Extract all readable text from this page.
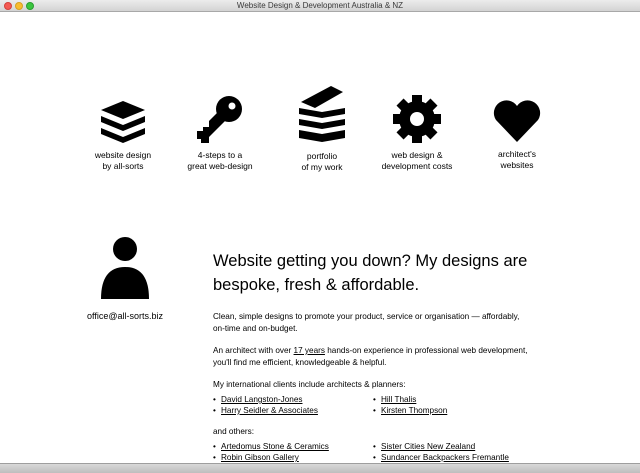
Website Design & Development Australia & NZ
website design
by all-sorts
4-steps to a
great web-design
portfolio
of my work
web design &
development costs
architect's
websites
office@all-sorts.biz
Website getting you down? My designs are
bespoke, fresh & affordable.

Clean, simple designs to promote your product, service or organisation — affordably,
on-time and on-budget.

An architect with over 17 years hands-on experience in professional web development,
you'll find me efficient, knowledgeable & helpful.

My international clients include architects & planners:

• David Langston-Jones
• Harry Seidler & Associates
• Hill Thalis
• Kirsten Thompson

and others:

• Artedomus Stone & Ceramics
• Robin Gibson Gallery
• Sister Cities New Zealand
• Sundancer Backpackers Fremantle
